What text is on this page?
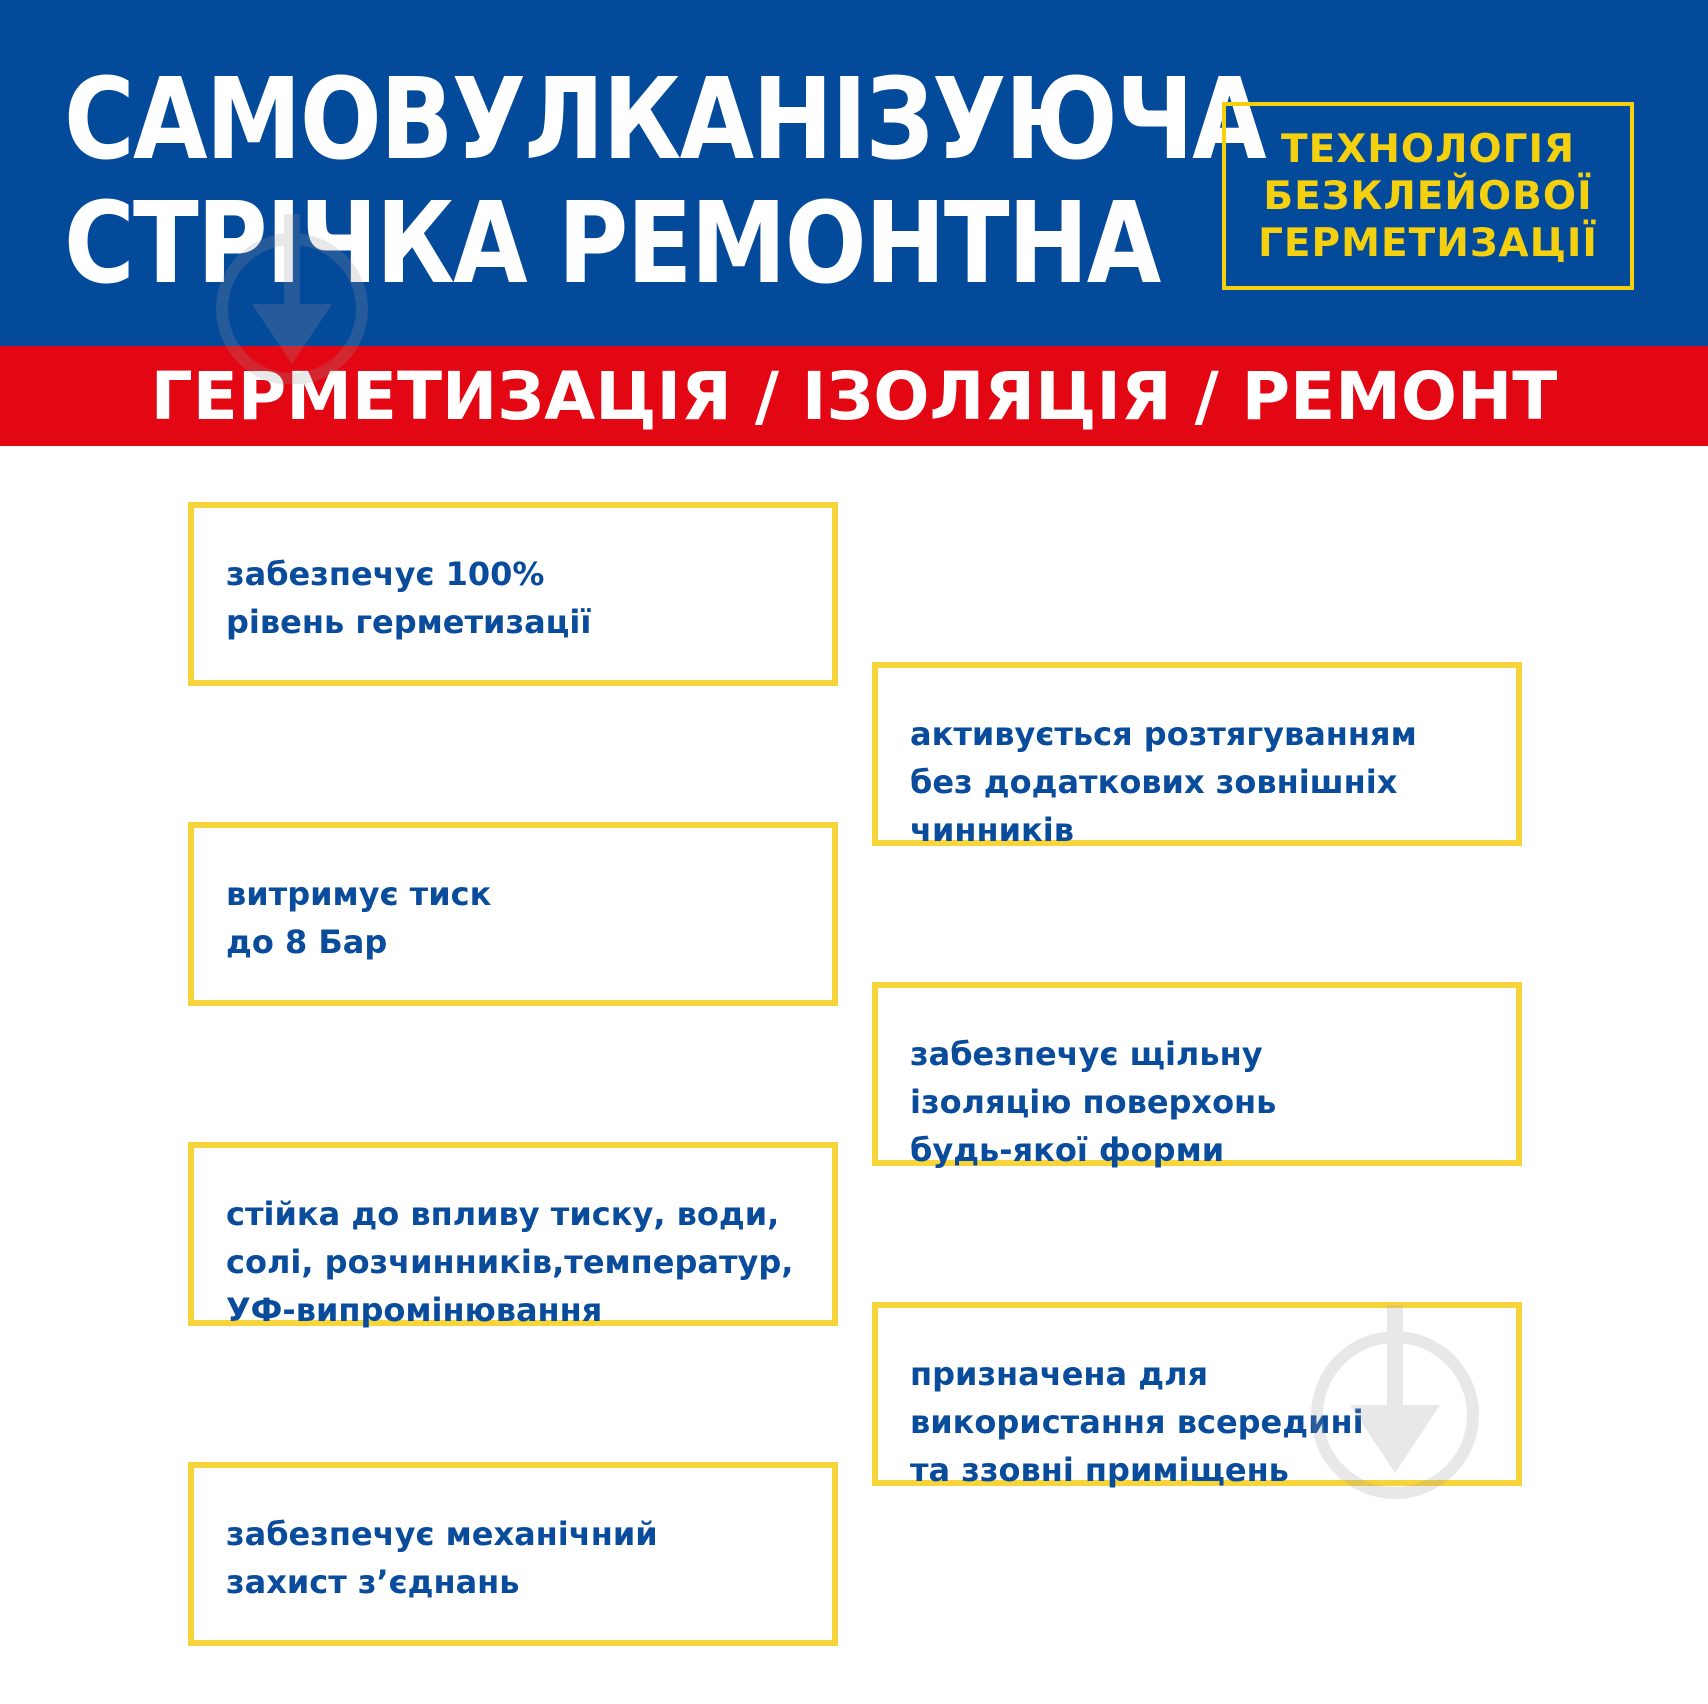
САМОВУЛКАНІЗУЮЧА
СТРІЧКА РЕМОНТНА
ТЕХНОЛОГІЯ
БЕЗКЛЕЙОВОЇ
ГЕРМЕТИЗАЦІЇ
ГЕРМЕТИЗАЦІЯ / ІЗОЛЯЦІЯ / РЕМОНТ
забезпечує 100%
рівень герметизації
активується розтягуванням
без додаткових зовнішніх
чинників
витримує тиск
до 8 Бар
забезпечує щільну
ізоляцію поверхонь
будь-якої форми
стійка до впливу тиску, води,
солі, розчинників,температур,
УФ-випромінювання
призначена для
використання всередині
та ззовні приміщень
забезпечує механічний
захист з’єднань
